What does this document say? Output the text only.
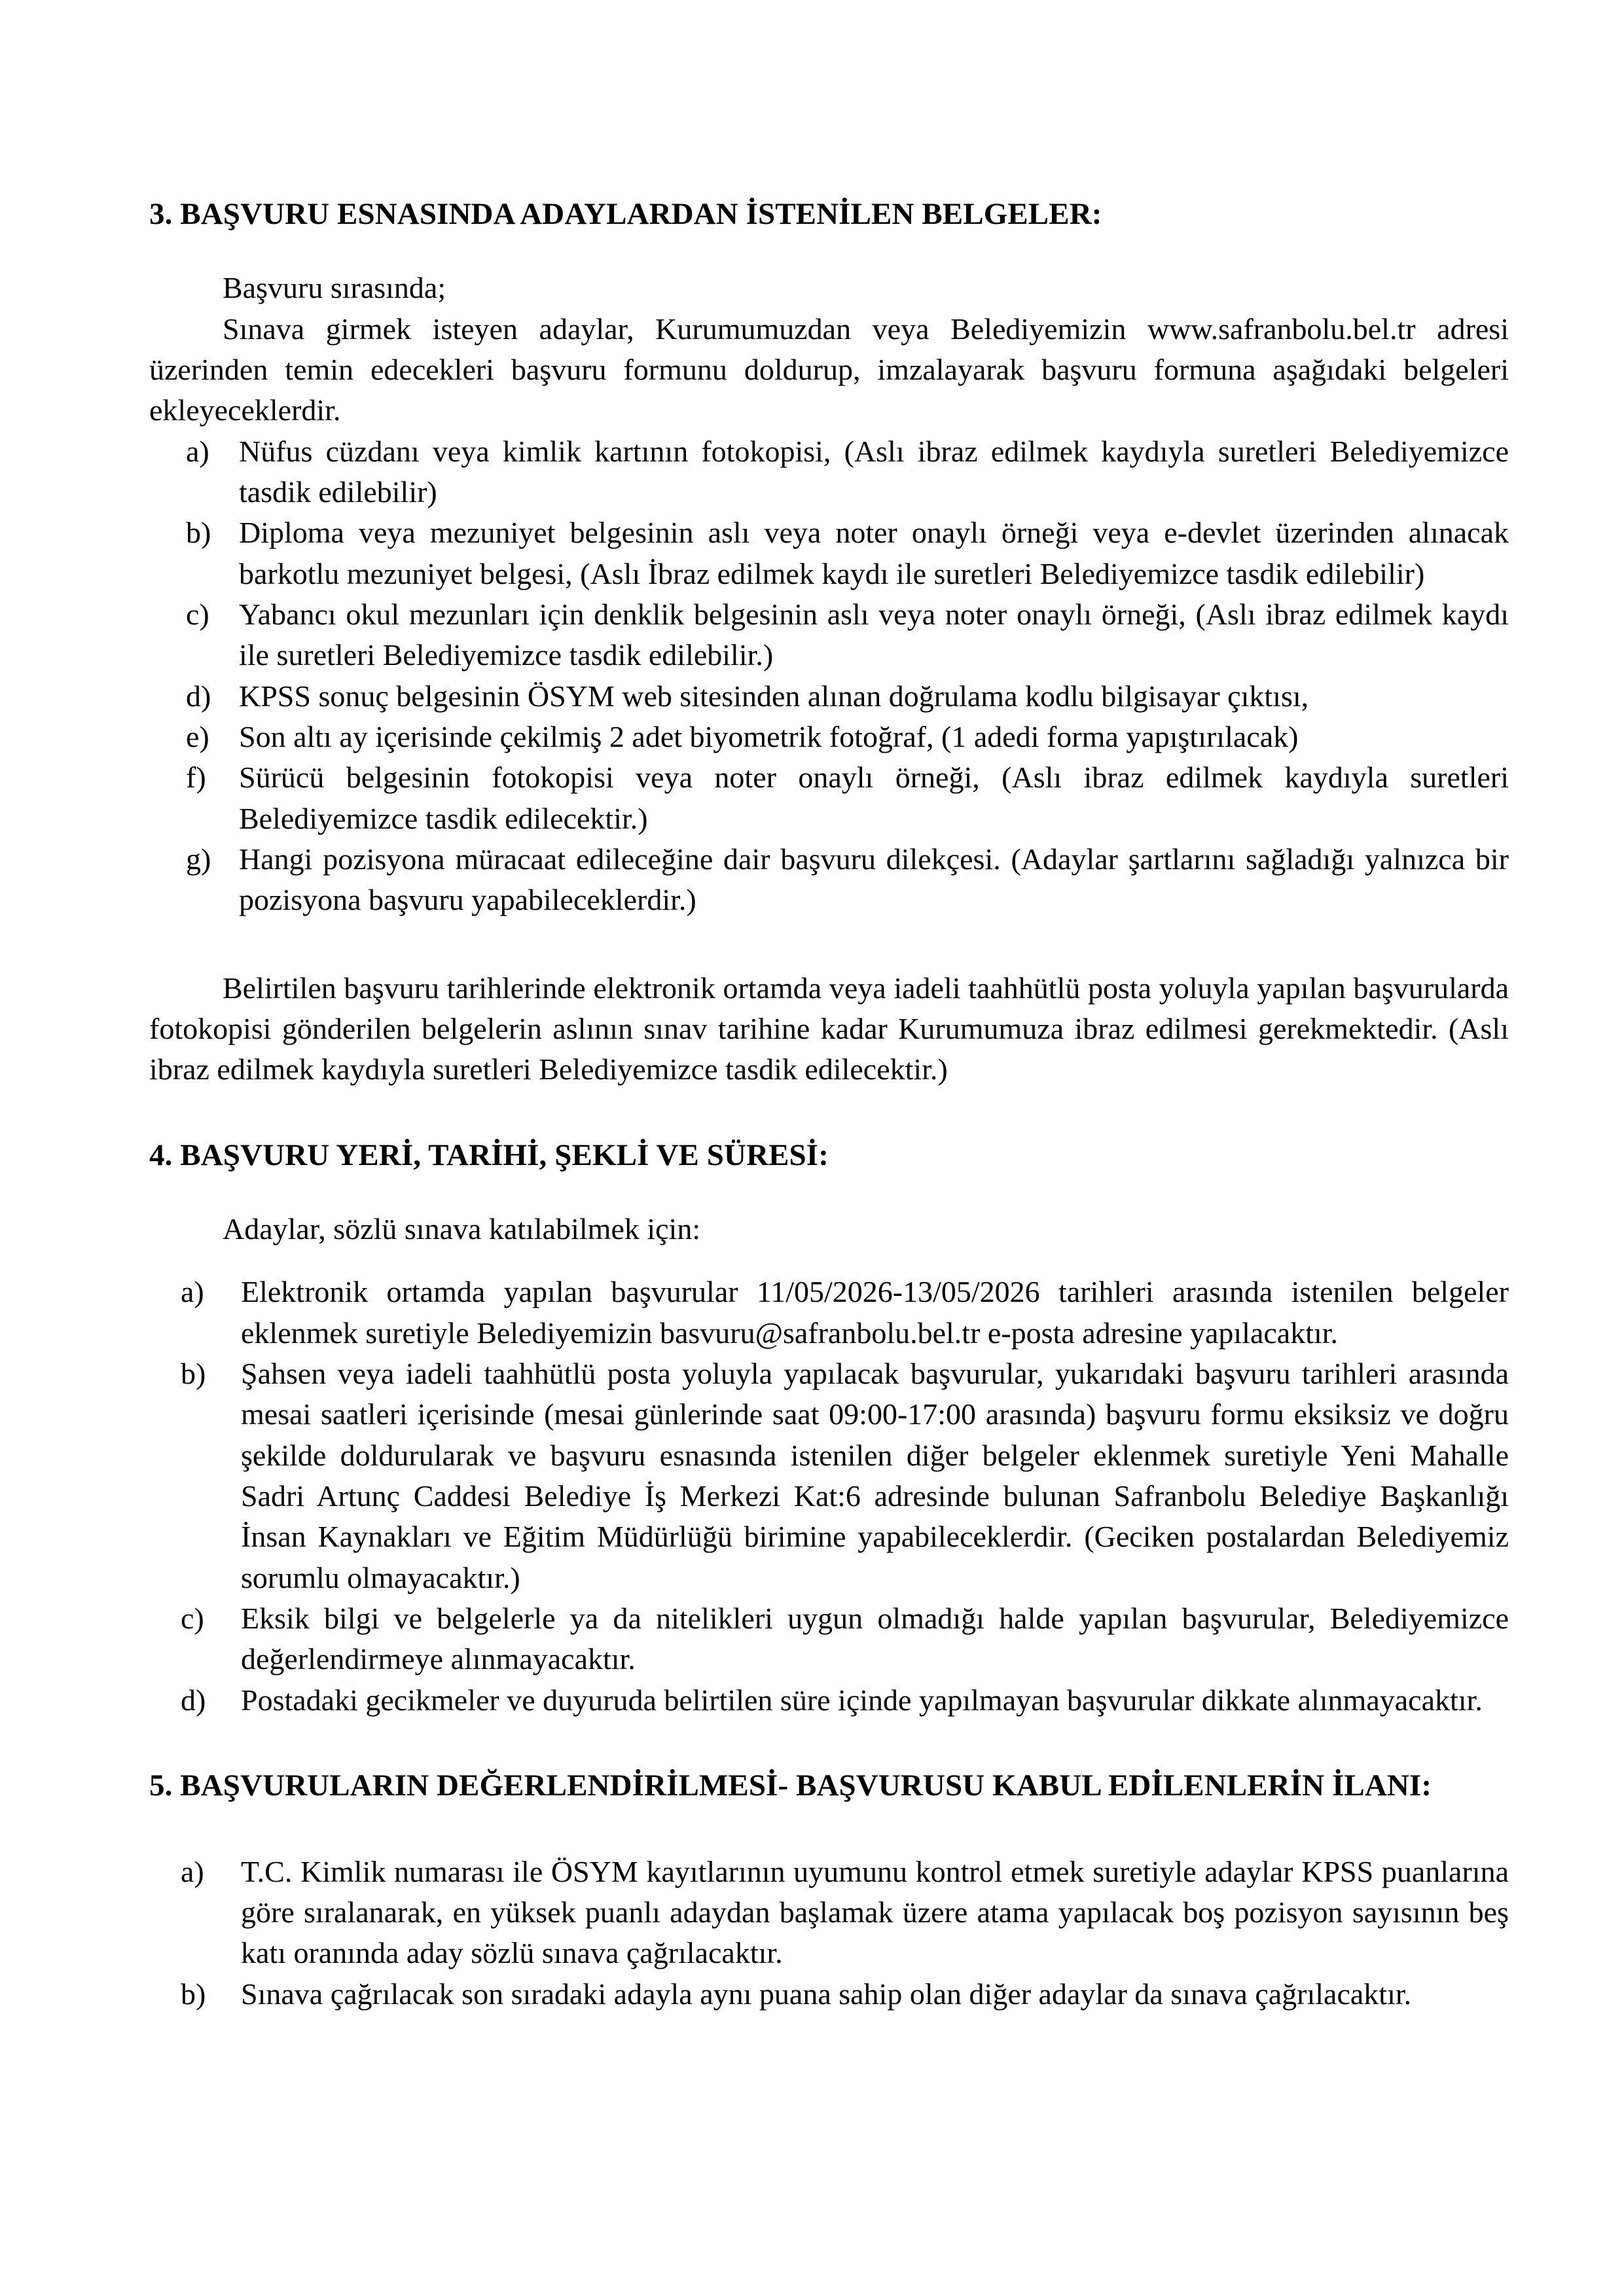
3. BAŞVURU ESNASINDA ADAYLARDAN İSTENİLEN BELGELER:

Başvuru sırasında;

Sınava girmek isteyen adaylar, Kurumumuzdan veya Belediyemizin www.safranbolu.bel.tr adresi üzerinden temin edecekleri başvuru formunu doldurup, imzalayarak başvuru formuna aşağıdaki belgeleri ekleyeceklerdir.

a) Nüfus cüzdanı veya kimlik kartının fotokopisi, (Aslı ibraz edilmek kaydıyla suretleri Belediyemizce tasdik edilebilir)
b) Diploma veya mezuniyet belgesinin aslı veya noter onaylı örneği veya e-devlet üzerinden alınacak barkotlu mezuniyet belgesi, (Aslı İbraz edilmek kaydı ile suretleri Belediyemizce tasdik edilebilir)
c) Yabancı okul mezunları için denklik belgesinin aslı veya noter onaylı örneği, (Aslı ibraz edilmek kaydı ile suretleri Belediyemizce tasdik edilebilir.)
d) KPSS sonuç belgesinin ÖSYM web sitesinden alınan doğrulama kodlu bilgisayar çıktısı,
e) Son altı ay içerisinde çekilmiş 2 adet biyometrik fotoğraf, (1 adedi forma yapıştırılacak)
f)	Sürücü belgesinin fotokopisi veya noter onaylı örneği, (Aslı ibraz edilmek kaydıyla suretleri Belediyemizce tasdik edilecektir.)
g) Hangi pozisyona müracaat edileceğine dair başvuru dilekçesi. (Adaylar şartlarını sağladığı yalnızca bir pozisyona başvuru yapabileceklerdir.)

Belirtilen başvuru tarihlerinde elektronik ortamda veya iadeli taahhütlü posta yoluyla yapılan başvurularda fotokopisi gönderilen belgelerin aslının sınav tarihine kadar Kurumumuza ibraz edilmesi gerekmektedir. (Aslı ibraz edilmek kaydıyla suretleri Belediyemizce tasdik edilecektir.)

4. BAŞVURU YERİ, TARİHİ, ŞEKLİ VE SÜRESİ:

Adaylar, sözlü sınava katılabilmek için:

a)	Elektronik ortamda yapılan başvurular 11/05/2026-13/05/2026 tarihleri arasında istenilen belgeler eklenmek suretiyle Belediyemizin basvuru@safranbolu.bel.tr e-posta adresine yapılacaktır.
b)	Şahsen veya iadeli taahhütlü posta yoluyla yapılacak başvurular, yukarıdaki başvuru tarihleri arasında mesai saatleri içerisinde (mesai günlerinde saat 09:00-17:00 arasında) başvuru formu eksiksiz ve doğru şekilde doldurularak ve başvuru esnasında istenilen diğer belgeler eklenmek suretiyle Yeni Mahalle Sadri Artunç Caddesi Belediye İş Merkezi Kat:6 adresinde bulunan Safranbolu Belediye Başkanlığı İnsan Kaynakları ve Eğitim Müdürlüğü birimine yapabileceklerdir. (Geciken postalardan Belediyemiz sorumlu olmayacaktır.)
c)	Eksik bilgi ve belgelerle ya da nitelikleri uygun olmadığı halde yapılan başvurular, Belediyemizce değerlendirmeye alınmayacaktır.
d)	Postadaki gecikmeler ve duyuruda belirtilen süre içinde yapılmayan başvurular dikkate alınmayacaktır.
5. BAŞVURULARIN DEĞERLENDİRİLMESİ- BAŞVURUSU KABUL EDİLENLERİN İLANI:
a)	T.C. Kimlik numarası ile ÖSYM kayıtlarının uyumunu kontrol etmek suretiyle adaylar KPSS puanlarına göre sıralanarak, en yüksek puanlı adaydan başlamak üzere atama yapılacak boş pozisyon sayısının beş katı oranında aday sözlü sınava çağrılacaktır.
b)	Sınava çağrılacak son sıradaki adayla aynı puana sahip olan diğer adaylar da sınava çağrılacaktır.
